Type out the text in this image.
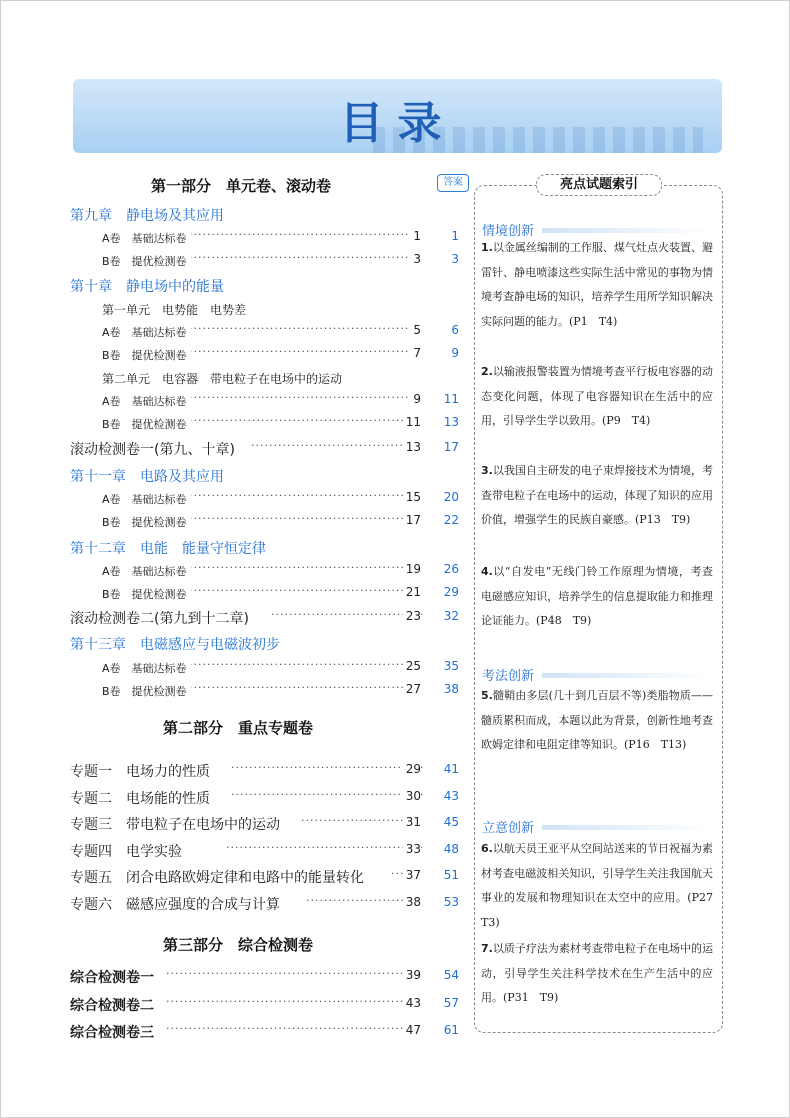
目录
第一部分　单元卷、滚动卷	答案
第九章　静电场及其应用
A卷　基础达标卷 ·····	1	1
B卷　提优检测卷 ·····	3	3
第十章　静电场中的能量
第一单元　电势能　电势差
A卷　基础达标卷 ·····	5	6
B卷　提优检测卷 ·····	7	9
第二单元　电容器　带电粒子在电场中的运动
A卷　基础达标卷 ·····	9 11
B卷　提优检测卷 ·····	11 13
滚动检测卷一(第九、十章) ·····	13 17
第十一章　电路及其应用
A卷　基础达标卷 ·····	15 20
B卷　提优检测卷 ·····	17 22
第十二章　电能　能量守恒定律
A卷　基础达标卷 ·····	19 26
B卷　提优检测卷 ·····	21 29
滚动检测卷二(第九到十二章) ·····	23 32
第十三章　电磁感应与电磁波初步
A卷　基础达标卷 ·····	25 35
B卷　提优检测卷 ·····	27 38
第二部分　重点专题卷
专题一　电场力的性质 ·····	29 41
专题二　电场能的性质 ·····	30 43
专题三　带电粒子在电场中的运动 ·····	31 45
专题四　电学实验 ·····	33 48
专题五　闭合电路欧姆定律和电路中的能量转化 ·····	37 51
专题六　磁感应强度的合成与计算 ·····	38 53
第三部分　综合检测卷
综合检测卷一 ·····	39 54
综合检测卷二 ·····	43 57
综合检测卷三 ·····	47 61
亮点试题索引
情境创新
1.以金属丝编制的工作服、煤气灶点火装置、避雷针、静电喷漆这些实际生活中常见的事物为情境考查静电场的知识，培养学生用所学知识解决实际问题的能力。(P1　T4)
2.以输液报警装置为情境考查平行板电容器的动态变化问题，体现了电容器知识在生活中的应用，引导学生学以致用。(P9　T4)
3.以我国自主研发的电子束焊接技术为情境，考查带电粒子在电场中的运动，体现了知识的应用价值，增强学生的民族自豪感。(P13　T9)
4.以“自发电”无线门铃工作原理为情境，考查电磁感应知识，培养学生的信息提取能力和推理论证能力。(P48　T9)
考法创新
5.髓鞘由多层(几十到几百层不等)类脂物质——髓质累积而成，本题以此为背景，创新性地考查欧姆定律和电阻定律等知识。(P16　T13)
立意创新
6.以航天员王亚平从空间站送来的节日祝福为素材考查电磁波相关知识，引导学生关注我国航天事业的发展和物理知识在太空中的应用。(P27　T3)
7.以质子疗法为素材考查带电粒子在电场中的运动，引导学生关注科学技术在生产生活中的应用。(P31　T9)
